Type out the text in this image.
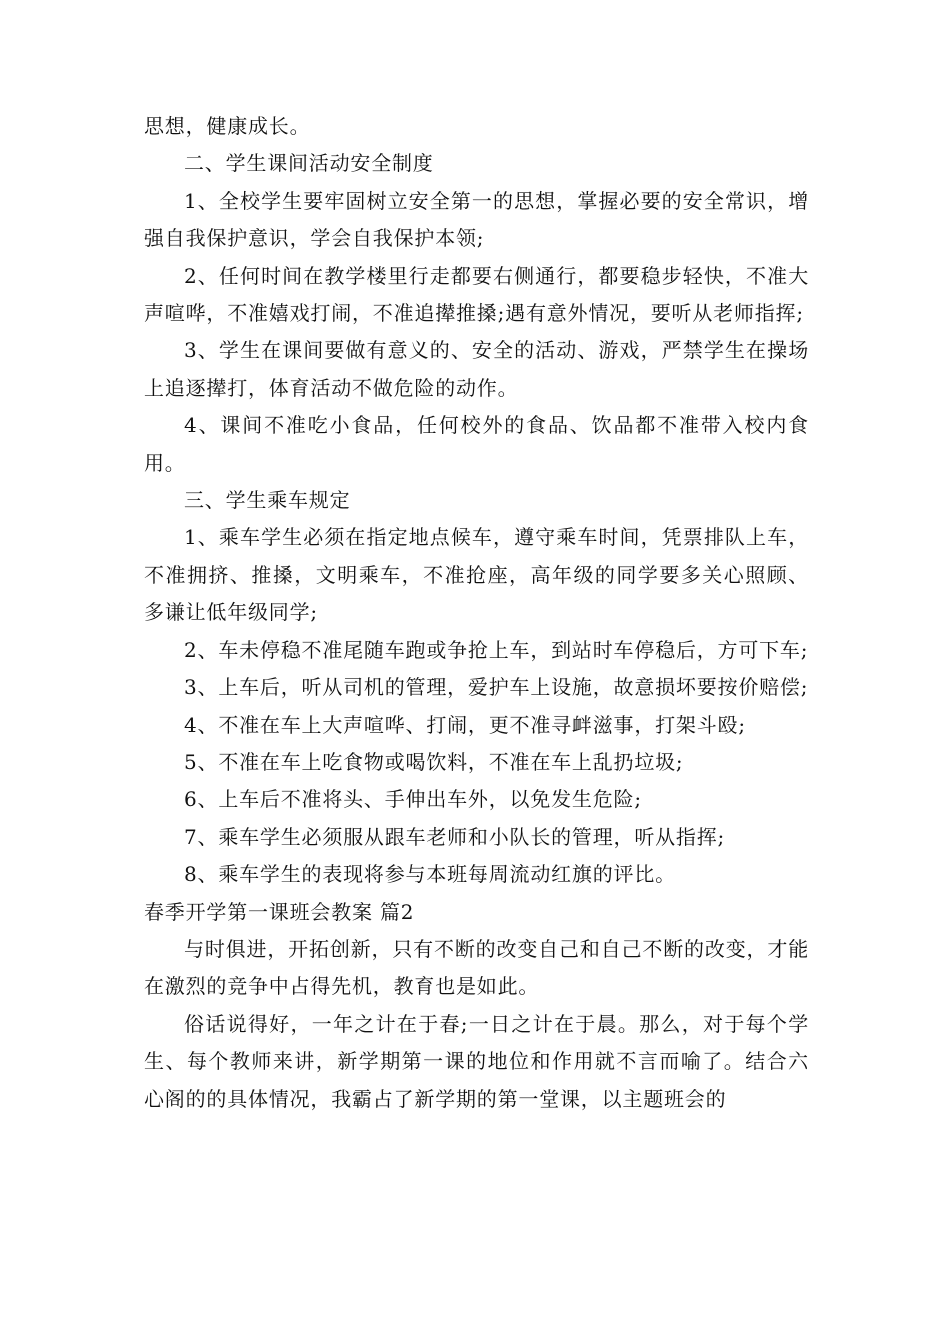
思想，健康成长。

二、学生课间活动安全制度

1、全校学生要牢固树立安全第一的思想，掌握必要的安全常识，增强自我保护意识，学会自我保护本领;

2、任何时间在教学楼里行走都要右侧通行，都要稳步轻快，不准大声喧哗，不准嬉戏打闹，不准追撵推搡;遇有意外情况，要听从老师指挥;

3、学生在课间要做有意义的、安全的活动、游戏，严禁学生在操场上追逐撵打，体育活动不做危险的动作。

4、课间不准吃小食品，任何校外的食品、饮品都不准带入校内食用。

三、学生乘车规定

1、乘车学生必须在指定地点候车，遵守乘车时间，凭票排队上车，不准拥挤、推搡，文明乘车，不准抢座，高年级的同学要多关心照顾、多谦让低年级同学;

2、车未停稳不准尾随车跑或争抢上车，到站时车停稳后，方可下车;

3、上车后，听从司机的管理，爱护车上设施，故意损坏要按价赔偿;

4、不准在车上大声喧哗、打闹，更不准寻衅滋事，打架斗殴;

5、不准在车上吃食物或喝饮料，不准在车上乱扔垃圾;

6、上车后不准将头、手伸出车外，以免发生危险;

7、乘车学生必须服从跟车老师和小队长的管理，听从指挥;

8、乘车学生的表现将参与本班每周流动红旗的评比。

春季开学第一课班会教案 篇2

与时俱进，开拓创新，只有不断的改变自己和自己不断的改变，才能在激烈的竞争中占得先机，教育也是如此。

俗话说得好，一年之计在于春;一日之计在于晨。那么，对于每个学生、每个教师来讲，新学期第一课的地位和作用就不言而喻了。结合六心阁的的具体情况，我霸占了新学期的第一堂课，以主题班会的
